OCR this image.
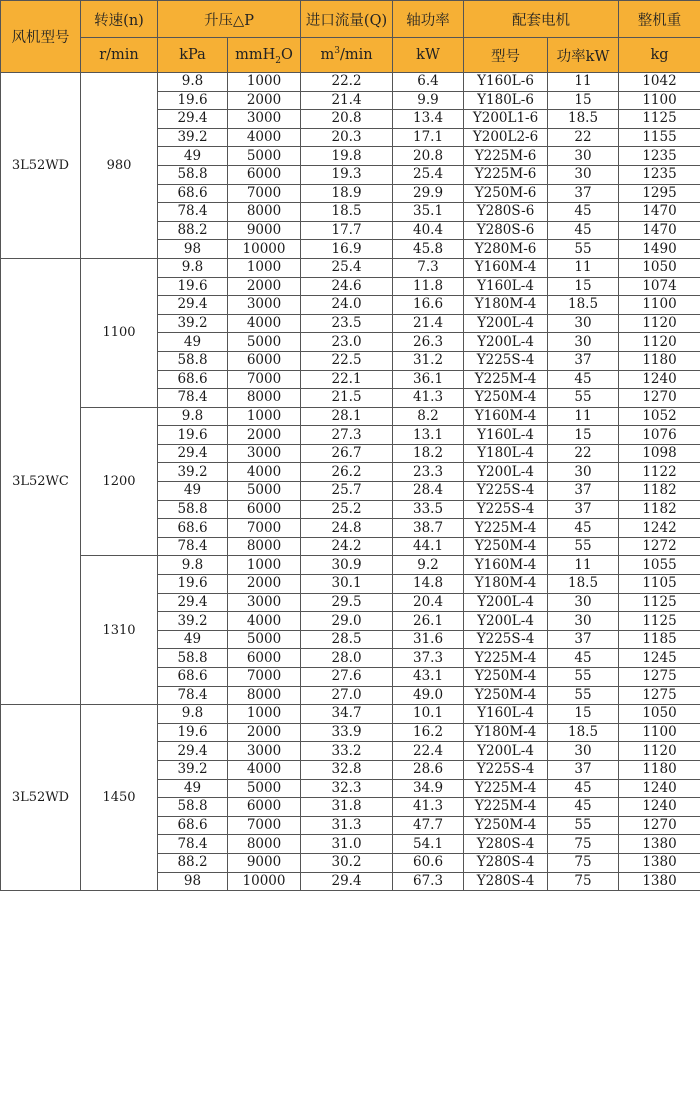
风机型号	转速(n)	升压△P		进口流量(Q)	轴功率	配套电机		整机重
	r/min	kPa	mmH$_2$O	$m^3/\min$	kW	型号	功率kW	kg
3L52WD	980	9.8	1000	22.2	6.4	Y160L-6	11	1042
		19.6	2000	21.4	9.9	Y180L-6	15	1100
		29.4	3000	20.8	13.4	Y200L1-6	18.5	1125
		39.2	4000	20.3	17.1	Y200L2-6	22	1155
		49	5000	19.8	20.8	Y225M-6	30	1235
		58.8	6000	19.3	25.4	Y225M-6	30	1235
		68.6	7000	18.9	29.9	Y250M-6	37	1295
		78.4	8000	18.5	35.1	Y280S-6	45	1470
		88.2	9000	17.7	40.4	Y280S-6	45	1470
		98	10000	16.9	45.8	Y280M-6	55	1490
3L52WC	1100	9.8	1000	25.4	7.3	Y160M-4	11	1050
		19.6	2000	24.6	11.8	Y160L-4	15	1074
		29.4	3000	24.0	16.6	Y180M-4	18.5	1100
		39.2	4000	23.5	21.4	Y200L-4	30	1120
		49	5000	23.0	26.3	Y200L-4	30	1120
		58.8	6000	22.5	31.2	Y225S-4	37	1180
		68.6	7000	22.1	36.1	Y225M-4	45	1240
		78.4	8000	21.5	41.3	Y250M-4	55	1270
	1200	9.8	1000	28.1	8.2	Y160M-4	11	1052
		19.6	2000	27.3	13.1	Y160L-4	15	1076
		29.4	3000	26.7	18.2	Y180L-4	22	1098
		39.2	4000	26.2	23.3	Y200L-4	30	1122
		49	5000	25.7	28.4	Y225S-4	37	1182
		58.8	6000	25.2	33.5	Y225S-4	37	1182
		68.6	7000	24.8	38.7	Y225M-4	45	1242
		78.4	8000	24.2	44.1	Y250M-4	55	1272
	1310	9.8	1000	30.9	9.2	Y160M-4	11	1055
		19.6	2000	30.1	14.8	Y180M-4	18.5	1105
		29.4	3000	29.5	20.4	Y200L-4	30	1125
		39.2	4000	29.0	26.1	Y200L-4	30	1125
		49	5000	28.5	31.6	Y225S-4	37	1185
		58.8	6000	28.0	37.3	Y225M-4	45	1245
		68.6	7000	27.6	43.1	Y250M-4	55	1275
		78.4	8000	27.0	49.0	Y250M-4	55	1275
3L52WD	1450	9.8	1000	34.7	10.1	Y160L-4	15	1050
		19.6	2000	33.9	16.2	Y180M-4	18.5	1100
		29.4	3000	33.2	22.4	Y200L-4	30	1120
		39.2	4000	32.8	28.6	Y225S-4	37	1180
		49	5000	32.3	34.9	Y225M-4	45	1240
		58.8	6000	31.8	41.3	Y225M-4	45	1240
		68.6	7000	31.3	47.7	Y250M-4	55	1270
		78.4	8000	31.0	54.1	Y280S-4	75	1380
		88.2	9000	30.2	60.6	Y280S-4	75	1380
		98	10000	29.4	67.3	Y280S-4	75	1380
